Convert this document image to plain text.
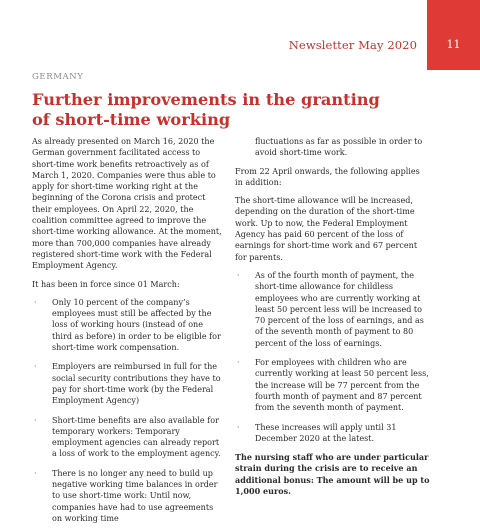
Newsletter May 2020	11
GERMANY
Further improvements in the granting of short-time working

As already presented on March 16, 2020 the German government facilitated access to short-time work benefits retroactively as of March 1, 2020. Companies were thus able to apply for short-time working right at the beginning of the Corona crisis and protect their employees. On April 22, 2020, the coalition committee agreed to improve the short-time working allowance. At the moment, more than 700,000 companies have already registered short-time work with the Federal Employment Agency.

It has been in force since 01 March:

· Only 10 percent of the company’s employees must still be affected by the loss of working hours (instead of one third as before) in order to be eligible for short-time work compensation.
· Employers are reimbursed in full for the social security contributions they have to pay for short-time work (by the Federal Employment Agency)
· Short-time benefits are also available for temporary workers: Temporary employment agencies can already report a loss of work to the employment agency.
· There is no longer any need to build up negative working time balances in order to use short-time work: Until now, companies have had to use agreements on working time

fluctuations as far as possible in order to avoid short-time work.

From 22 April onwards, the following applies in addition:

The short-time allowance will be increased, depending on the duration of the short-time work. Up to now, the Federal Employment Agency has paid 60 percent of the loss of earnings for short-time work and 67 percent for parents.

· As of the fourth month of payment, the short-time allowance for childless employees who are currently working at least 50 percent less will be increased to 70 percent of the loss of earnings, and as of the seventh month of payment to 80 percent of the loss of earnings.
· For employees with children who are currently working at least 50 percent less, the increase will be 77 percent from the fourth month of payment and 87 percent from the seventh month of payment.
· These increases will apply until 31 December 2020 at the latest.

The nursing staff who are under particular strain during the crisis are to receive an additional bonus: The amount will be up to 1,000 euros.
